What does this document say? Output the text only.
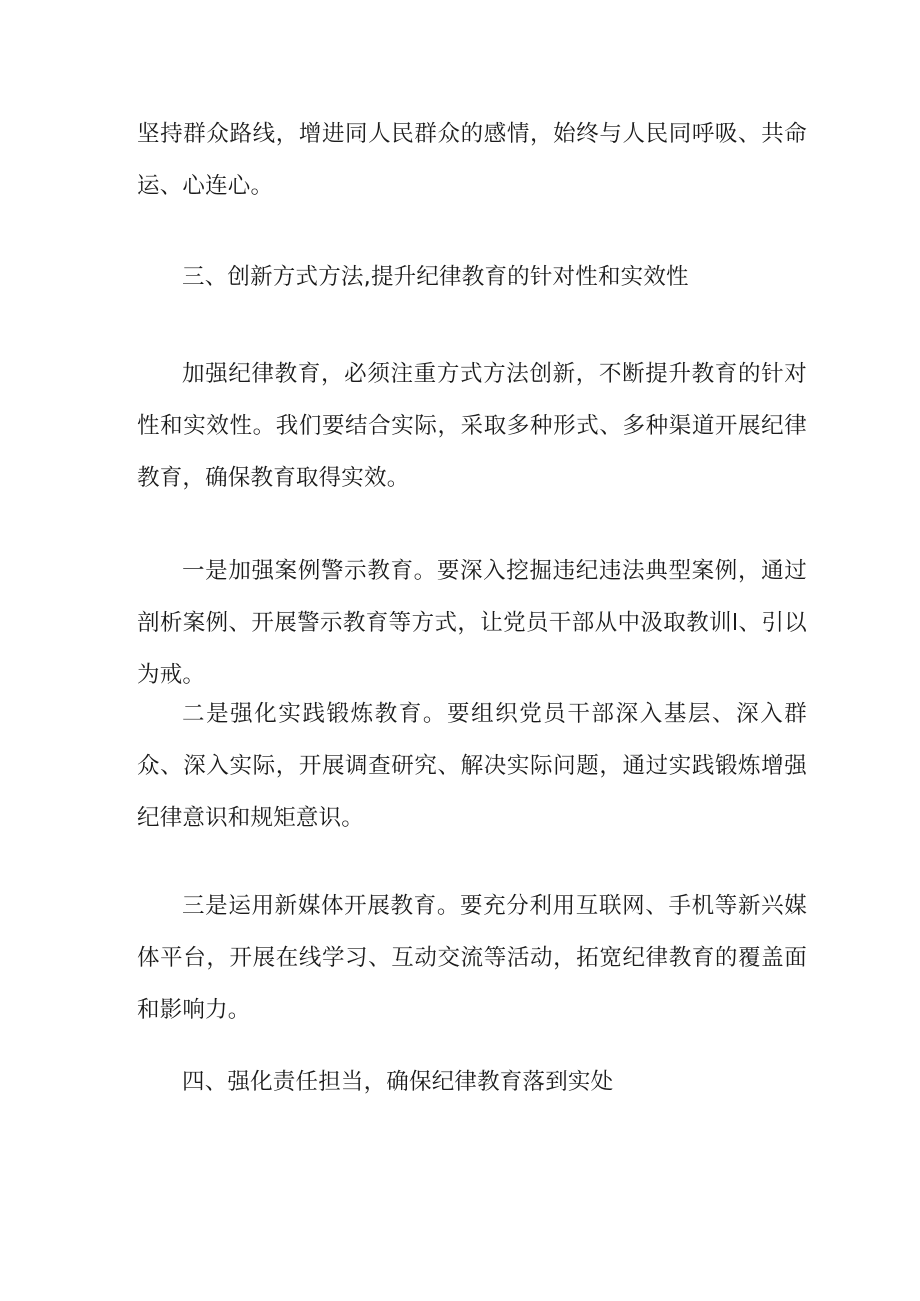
坚持群众路线，增进同人民群众的感情，始终与人民同呼吸、共命运、心连心。

三、创新方式方法,提升纪律教育的针对性和实效性

加强纪律教育，必须注重方式方法创新，不断提升教育的针对性和实效性。我们要结合实际，采取多种形式、多种渠道开展纪律教育，确保教育取得实效。

一是加强案例警示教育。要深入挖掘违纪违法典型案例，通过剖析案例、开展警示教育等方式，让党员干部从中汲取教训l、引以为戒。

二是强化实践锻炼教育。要组织党员干部深入基层、深入群众、深入实际，开展调查研究、解决实际问题，通过实践锻炼增强纪律意识和规矩意识。

三是运用新媒体开展教育。要充分利用互联网、手机等新兴媒体平台，开展在线学习、互动交流等活动，拓宽纪律教育的覆盖面和影响力。

四、强化责任担当，确保纪律教育落到实处
